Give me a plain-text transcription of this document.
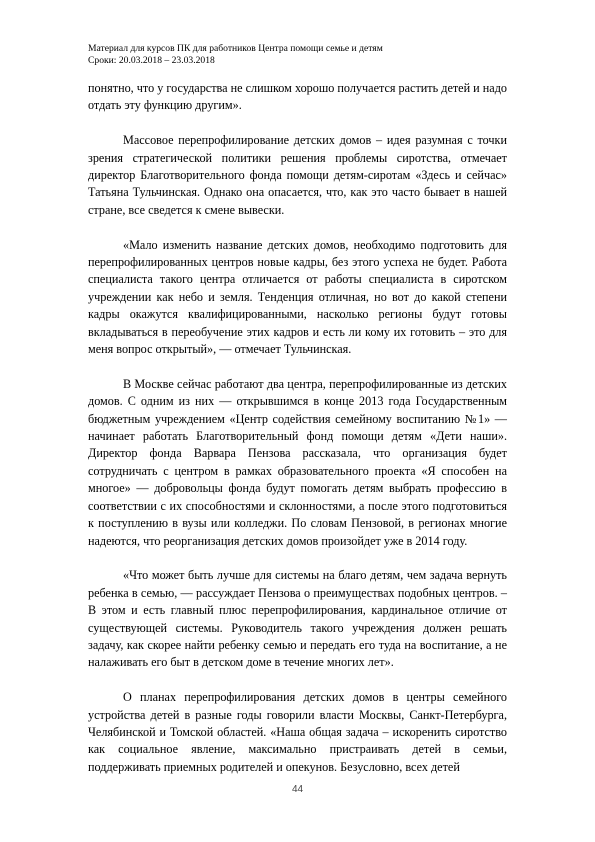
Материал для курсов ПК для работников Центра помощи семье и детям
Сроки: 20.03.2018 – 23.03.2018

понятно, что у государства не слишком хорошо получается растить детей и надо отдать эту функцию другим».

Массовое перепрофилирование детских домов – идея разумная с точки зрения стратегической политики решения проблемы сиротства, отмечает директор Благотворительного фонда помощи детям-сиротам «Здесь и сейчас» Татьяна Тульчинская. Однако она опасается, что, как это часто бывает в нашей стране, все сведется к смене вывески.

«Мало изменить название детских домов, необходимо подготовить для перепрофилированных центров новые кадры, без этого успеха не будет. Работа специалиста такого центра отличается от работы специалиста в сиротском учреждении как небо и земля. Тенденция отличная, но вот до какой степени кадры окажутся квалифицированными, насколько регионы будут готовы вкладываться в переобучение этих кадров и есть ли кому их готовить – это для меня вопрос открытый», — отмечает Тульчинская.

В Москве сейчас работают два центра, перепрофилированные из детских домов. С одним из них — открывшимся в конце 2013 года Государственным бюджетным учреждением «Центр содействия семейному воспитанию №1» — начинает работать Благотворительный фонд помощи детям «Дети наши». Директор фонда Варвара Пензова рассказала, что организация будет сотрудничать с центром в рамках образовательного проекта «Я способен на многое» — добровольцы фонда будут помогать детям выбрать профессию в соответствии с их способностями и склонностями, а после этого подготовиться к поступлению в вузы или колледжи. По словам Пензовой, в регионах многие надеются, что реорганизация детских домов произойдет уже в 2014 году.

«Что может быть лучше для системы на благо детям, чем задача вернуть ребенка в семью, — рассуждает Пензова о преимуществах подобных центров. – В этом и есть главный плюс перепрофилирования, кардинальное отличие от существующей системы. Руководитель такого учреждения должен решать задачу, как скорее найти ребенку семью и передать его туда на воспитание, а не налаживать его быт в детском доме в течение многих лет».

О планах перепрофилирования детских домов в центры семейного устройства детей в разные годы говорили власти Москвы, Санкт-Петербурга, Челябинской и Томской областей. «Наша общая задача – искоренить сиротство как социальное явление, максимально пристраивать детей в семьи, поддерживать приемных родителей и опекунов. Безусловно, всех детей

44
